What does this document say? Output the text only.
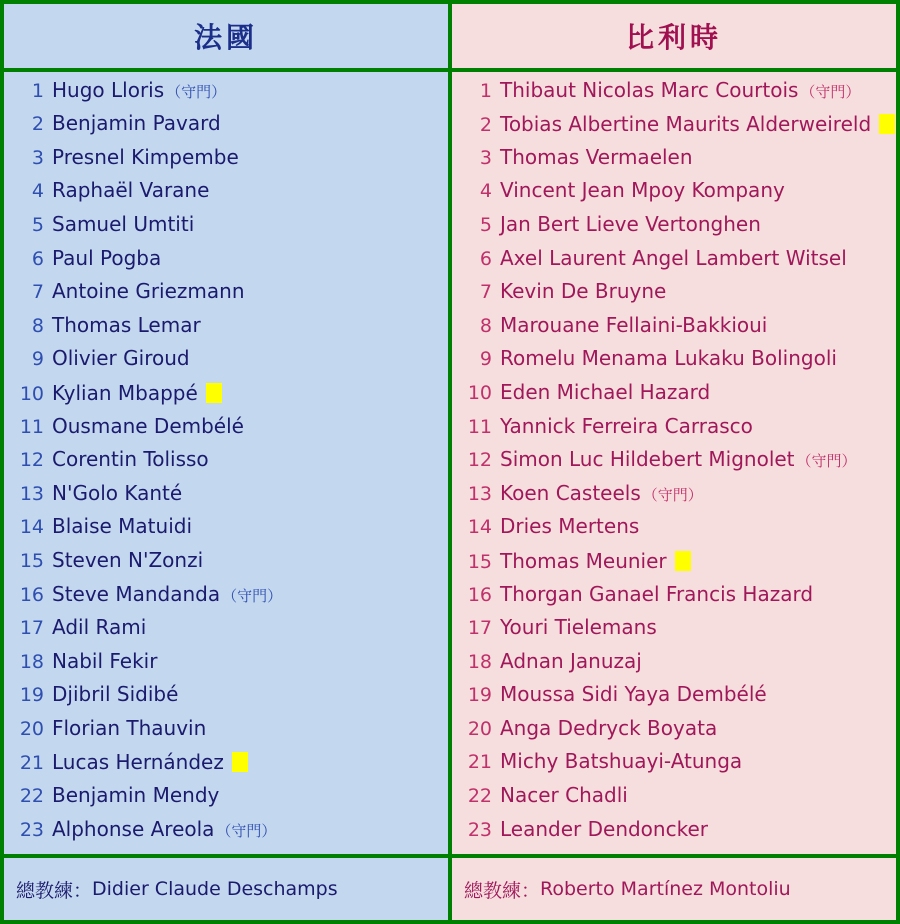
法國
1 Hugo Lloris （守門）
2 Benjamin Pavard
3 Presnel Kimpembe
4 Raphaël Varane
5 Samuel Umtiti
6 Paul Pogba
7 Antoine Griezmann
8 Thomas Lemar
9 Olivier Giroud
10 Kylian Mbappé
11 Ousmane Dembélé
12 Corentin Tolisso
13 N'Golo Kanté
14 Blaise Matuidi
15 Steven N'Zonzi
16 Steve Mandanda （守門）
17 Adil Rami
18 Nabil Fekir
19 Djibril Sidibé
20 Florian Thauvin
21 Lucas Hernández
22 Benjamin Mendy
23 Alphonse Areola （守門）
總教練： Didier Claude Deschamps
比利時
1 Thibaut Nicolas Marc Courtois （守門）
2 Tobias Albertine Maurits Alderweireld
3 Thomas Vermaelen
4 Vincent Jean Mpoy Kompany
5 Jan Bert Lieve Vertonghen
6 Axel Laurent Angel Lambert Witsel
7 Kevin De Bruyne
8 Marouane Fellaini-Bakkioui
9 Romelu Menama Lukaku Bolingoli
10 Eden Michael Hazard
11 Yannick Ferreira Carrasco
12 Simon Luc Hildebert Mignolet （守門）
13 Koen Casteels （守門）
14 Dries Mertens
15 Thomas Meunier
16 Thorgan Ganael Francis Hazard
17 Youri Tielemans
18 Adnan Januzaj
19 Moussa Sidi Yaya Dembélé
20 Anga Dedryck Boyata
21 Michy Batshuayi-Atunga
22 Nacer Chadli
23 Leander Dendoncker
總教練： Roberto Martínez Montoliu
